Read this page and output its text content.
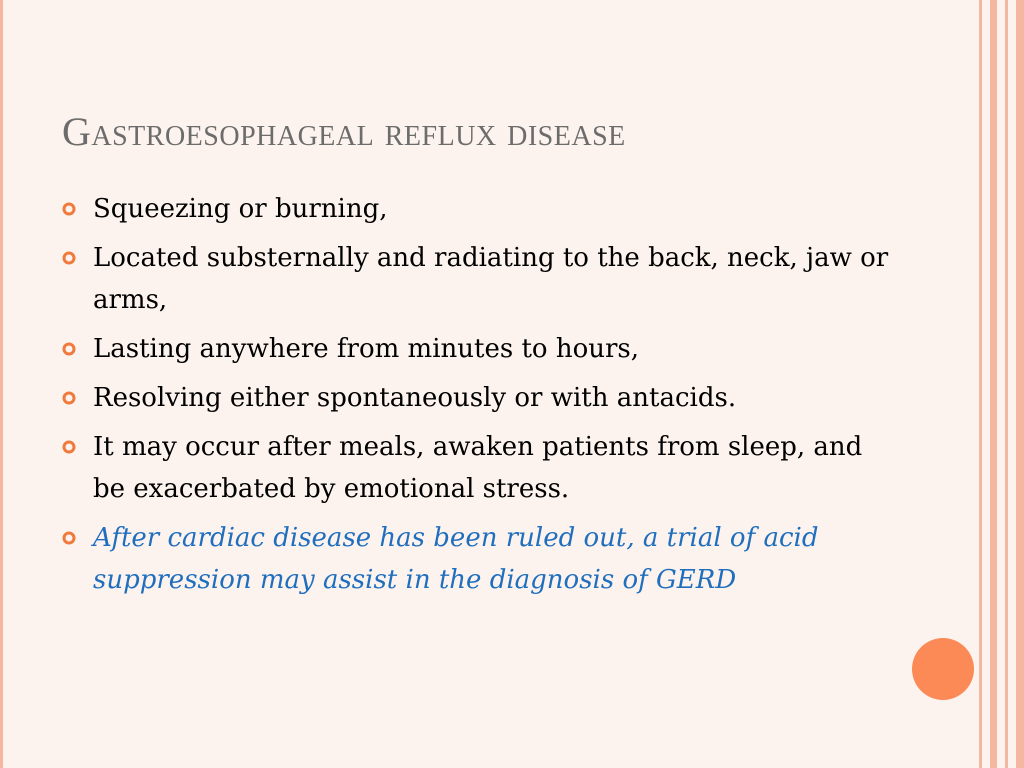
Gastroesophageal reflux disease
Squeezing or burning,
Located substernally and radiating to the back, neck, jaw or arms,
Lasting anywhere from minutes to hours,
Resolving either spontaneously or with antacids.
It may occur after meals, awaken patients from sleep, and be exacerbated by emotional stress.
After cardiac disease has been ruled out, a trial of acid suppression may assist in the diagnosis of GERD
